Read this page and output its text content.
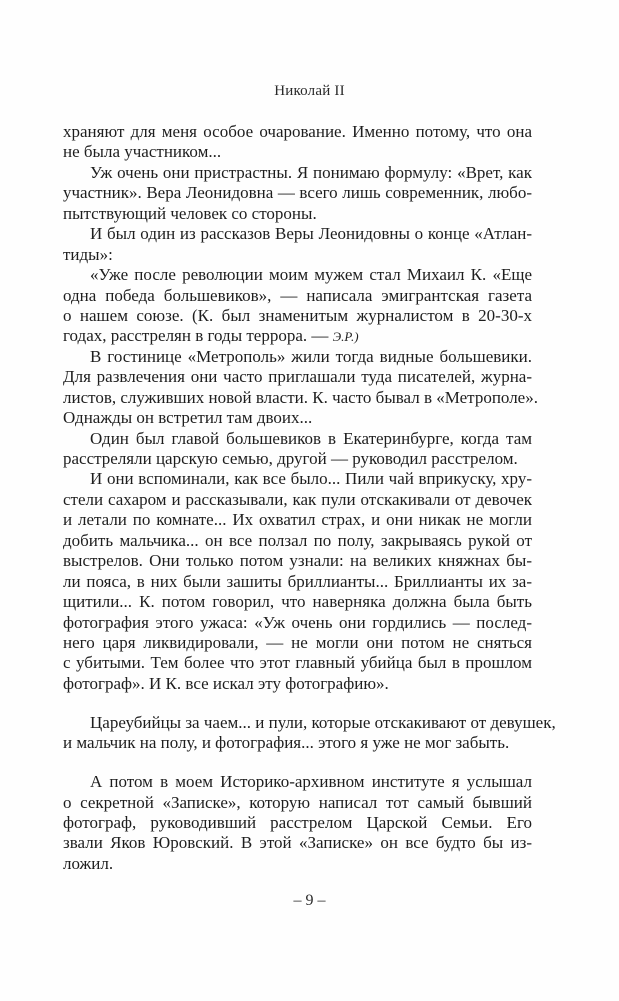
Николай II
храняют для меня особое очарование. Именно потому, что она
не была участником...
Уж очень они пристрастны. Я понимаю формулу: «Врет, как
участник». Вера Леонидовна — всего лишь современник, любо-
пытствующий человек со стороны.
И был один из рассказов Веры Леонидовны о конце «Атлан-
тиды»:
«Уже после революции моим мужем стал Михаил К. «Еще
одна победа большевиков», — написала эмигрантская газета
о нашем союзе. (К. был знаменитым журналистом в 20-30-х
годах, расстрелян в годы террора. — Э.Р.)
В гостинице «Метрополь» жили тогда видные большевики.
Для развлечения они часто приглашали туда писателей, журна-
листов, служивших новой власти. К. часто бывал в «Метрополе».
Однажды он встретил там двоих...
Один был главой большевиков в Екатеринбурге, когда там
расстреляли царскую семью, другой — руководил расстрелом.
И они вспоминали, как все было... Пили чай вприкуску, хру-
стели сахаром и рассказывали, как пули отскакивали от девочек
и летали по комнате... Их охватил страх, и они никак не могли
добить мальчика... он все ползал по полу, закрываясь рукой от
выстрелов. Они только потом узнали: на великих княжнах бы-
ли пояса, в них были зашиты бриллианты... Бриллианты их за-
щитили... К. потом говорил, что наверняка должна была быть
фотография этого ужаса: «Уж очень они гордились — послед-
него царя ликвидировали, — не могли они потом не сняться
с убитыми. Тем более что этот главный убийца был в прошлом
фотограф». И К. все искал эту фотографию».
Цареубийцы за чаем... и пули, которые отскакивают от девушек,
и мальчик на полу, и фотография... этого я уже не мог забыть.
А потом в моем Историко-архивном институте я услышал
о секретной «Записке», которую написал тот самый бывший
фотограф, руководивший расстрелом Царской Семьи. Его
звали Яков Юровский. В этой «Записке» он все будто бы из-
ложил.
– 9 –
